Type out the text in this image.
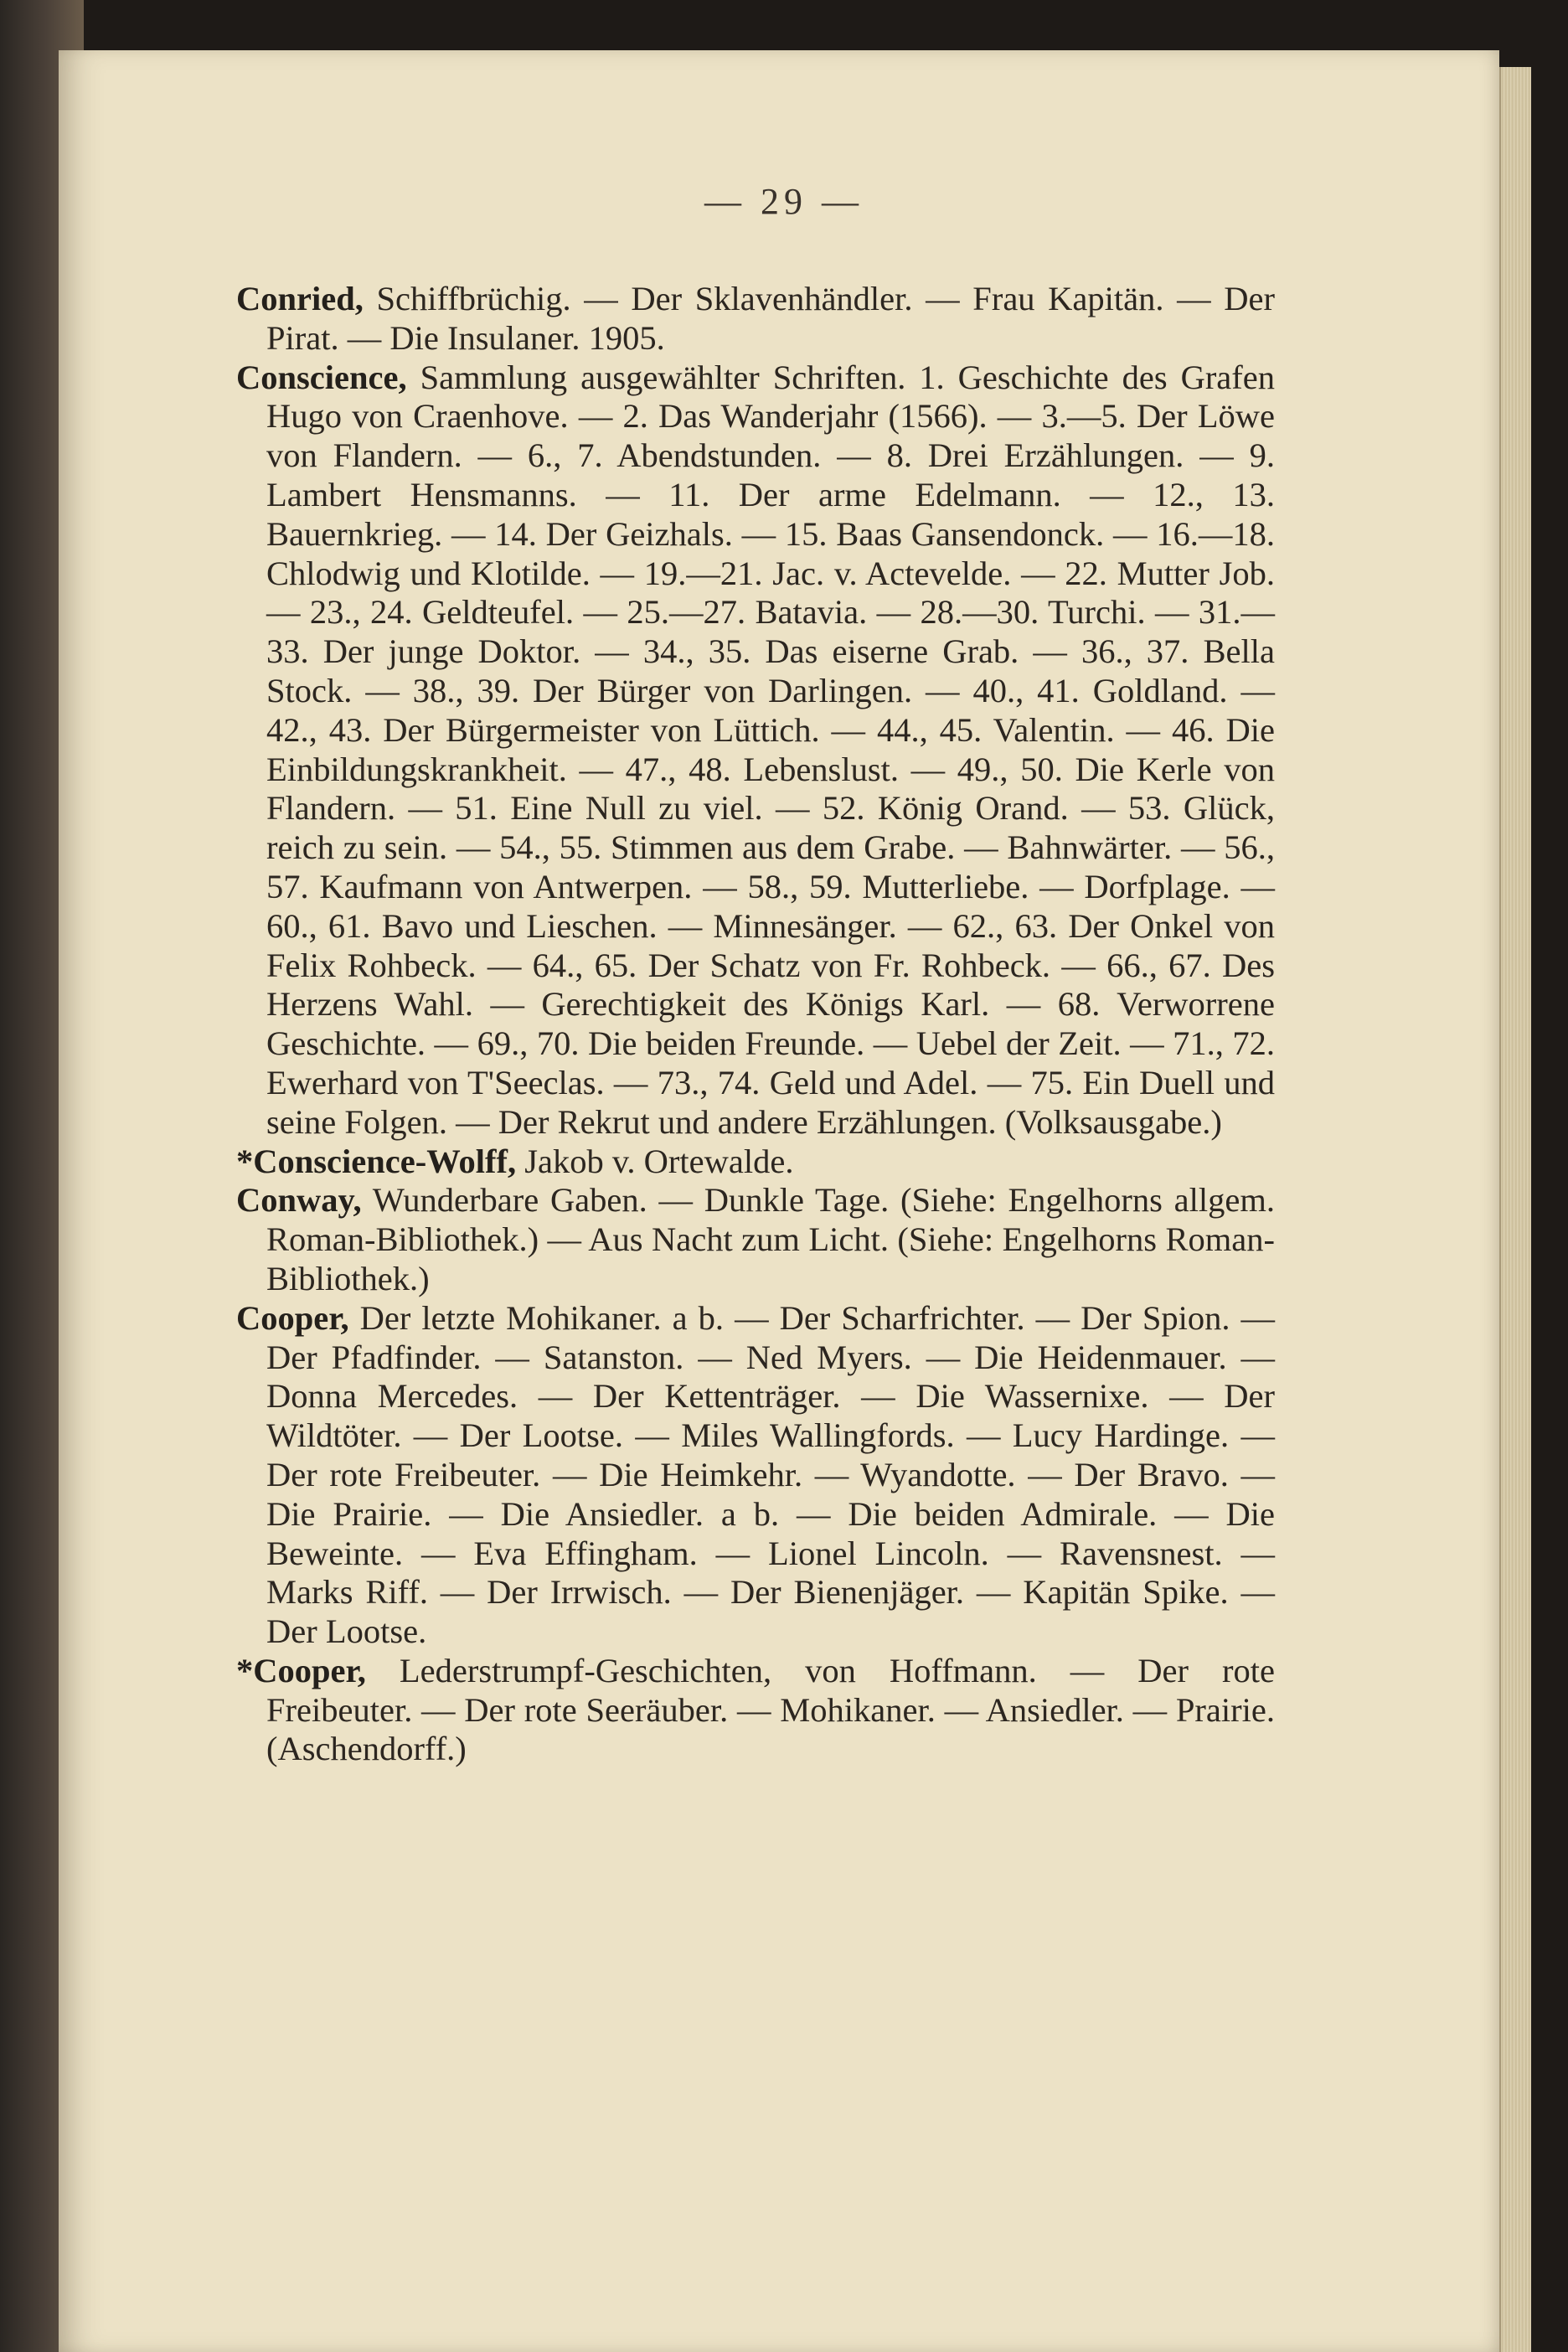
— 29 —

Conried, Schiffbrüchig. — Der Sklavenhändler. — Frau Kapitän. — Der Pirat. — Die Insulaner. 1905.

Conscience, Sammlung ausgewählter Schriften. 1. Geschichte des Grafen Hugo von Craenhove. — 2. Das Wanderjahr (1566). — 3.—5. Der Löwe von Flandern. — 6., 7. Abendstunden. — 8. Drei Erzählungen. — 9. Lambert Hensmanns. — 11. Der arme Edelmann. — 12., 13. Bauernkrieg. — 14. Der Geizhals. — 15. Baas Gansendonck. — 16.—18. Chlodwig und Klotilde. — 19.—21. Jac. v. Actevelde. — 22. Mutter Job. — 23., 24. Geldteufel. — 25.—27. Batavia. — 28.—30. Turchi. — 31.—33. Der junge Doktor. — 34., 35. Das eiserne Grab. — 36., 37. Bella Stock. — 38., 39. Der Bürger von Darlingen. — 40., 41. Goldland. — 42., 43. Der Bürgermeister von Lüttich. — 44., 45. Valentin. — 46. Die Einbildungskrankheit. — 47., 48. Lebenslust. — 49., 50. Die Kerle von Flandern. — 51. Eine Null zu viel. — 52. König Orand. — 53. Glück, reich zu sein. — 54., 55. Stimmen aus dem Grabe. — Bahnwärter. — 56., 57. Kaufmann von Antwerpen. — 58., 59. Mutterliebe. — Dorfplage. — 60., 61. Bavo und Lieschen. — Minnesänger. — 62., 63. Der Onkel von Felix Rohbeck. — 64., 65. Der Schatz von Fr. Rohbeck. — 66., 67. Des Herzens Wahl. — Gerechtigkeit des Königs Karl. — 68. Verworrene Geschichte. — 69., 70. Die beiden Freunde. — Uebel der Zeit. — 71., 72. Ewerhard von T'Seeclas. — 73., 74. Geld und Adel. — 75. Ein Duell und seine Folgen. — Der Rekrut und andere Erzählungen. (Volksausgabe.)

*Conscience-Wolff, Jakob v. Ortewalde.

Conway, Wunderbare Gaben. — Dunkle Tage. (Siehe: Engelhorns allgem. Roman-Bibliothek.) — Aus Nacht zum Licht. (Siehe: Engelhorns Roman-Bibliothek.)

Cooper, Der letzte Mohikaner. a b. — Der Scharfrichter. — Der Spion. — Der Pfadfinder. — Satanston. — Ned Myers. — Die Heidenmauer. — Donna Mercedes. — Der Kettenträger. — Die Wassernixe. — Der Wildtöter. — Der Lootse. — Miles Wallingfords. — Lucy Hardinge. — Der rote Freibeuter. — Die Heimkehr. — Wyandotte. — Der Bravo. — Die Prairie. — Die Ansiedler. a b. — Die beiden Admirale. — Die Beweinte. — Eva Effingham. — Lionel Lincoln. — Ravensnest. — Marks Riff. — Der Irrwisch. — Der Bienenjäger. — Kapitän Spike. — Der Lootse.

*Cooper, Lederstrumpf-Geschichten, von Hoffmann. — Der rote Freibeuter. — Der rote Seeräuber. — Mohikaner. — Ansiedler. — Prairie. (Aschendorff.)
